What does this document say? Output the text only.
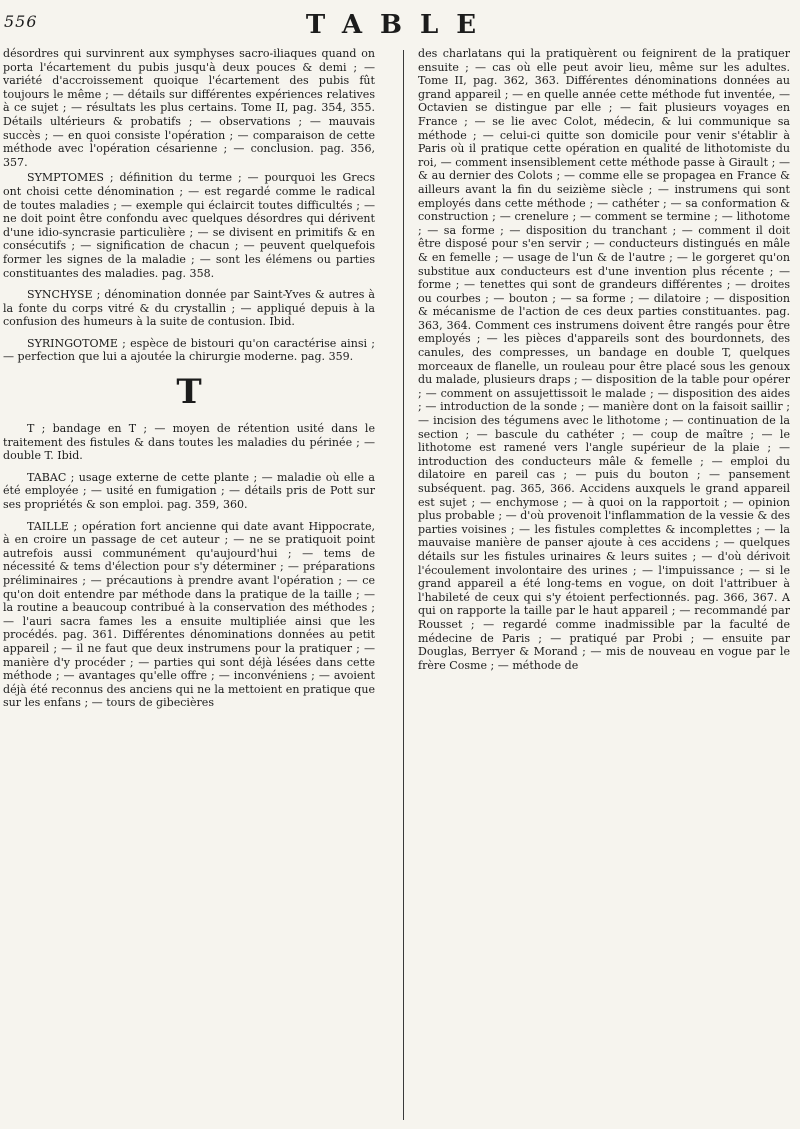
556	TABLE

désordres qui survinrent aux symphyses sacro-iliaques quand on porta l'écartement du pubis jusqu'à deux pouces & demi ; — variété d'accroissement quoique l'écartement des pubis fût toujours le même ; — détails sur différentes expériences relatives à ce sujet ; — résultats les plus certains. Tome II, pag. 354, 355. Détails ultérieurs & probatifs ; — observations ; — mauvais succès ; — en quoi consiste l'opération ; — comparaison de cette méthode avec l'opération césarienne ; — conclusion. pag. 356, 357.

SYMPTOMES ; définition du terme ; — pourquoi les Grecs ont choisi cette dénomination ; — est regardé comme le radical de toutes maladies ; — exemple qui éclaircit toutes difficultés ; — ne doit point être confondu avec quelques désordres qui dérivent d'une idio-syncrasie particulière ; — se divisent en primitifs & en consécutifs ; — signification de chacun ; — peuvent quelquefois former les signes de la maladie ; — sont les élémens ou parties constituantes des maladies. pag. 358.

SYNCHYSE ; dénomination donnée par Saint-Yves & autres à la fonte du corps vitré & du crystallin ; — appliqué depuis à la confusion des humeurs à la suite de contusion. Ibid.

SYRINGOTOME ; espèce de bistouri qu'on caractérise ainsi ; — perfection que lui a ajoutée la chirurgie moderne. pag. 359.

T

T ; bandage en T ; — moyen de rétention usité dans le traitement des fistules & dans toutes les maladies du périnée ; — double T. Ibid.

TABAC ; usage externe de cette plante ; — maladie où elle a été employée ; — usité en fumigation ; — détails pris de Pott sur ses propriétés & son emploi. pag. 359, 360.

TAILLE ; opération fort ancienne qui date avant Hippocrate, à en croire un passage de cet auteur ; — ne se pratiquoit point autrefois aussi communément qu'aujourd'hui ; — tems de nécessité & tems d'élection pour s'y déterminer ; — préparations préliminaires ; — précautions à prendre avant l'opération ; — ce qu'on doit entendre par méthode dans la pratique de la taille ; — la routine a beaucoup contribué à la conservation des méthodes ; — l'auri sacra fames les a ensuite multipliée ainsi que les procédés. pag. 361. Différentes dénominations données au petit appareil ; — il ne faut que deux instrumens pour la pratiquer ; — manière d'y procéder ; — parties qui sont déjà lésées dans cette méthode ; — avantages qu'elle offre ; — inconvéniens ; — avoient déjà été reconnus des anciens qui ne la mettoient en pratique que sur les enfans ; — tours de gibecières

des charlatans qui la pratiquèrent ou feignirent de la pratiquer ensuite ; — cas où elle peut avoir lieu, même sur les adultes. Tome II, pag. 362, 363. Différentes dénominations données au grand appareil ; — en quelle année cette méthode fut inventée, — Octavien se distingue par elle ; — fait plusieurs voyages en France ; — se lie avec Colot, médecin, & lui communique sa méthode ; — celui-ci quitte son domicile pour venir s'établir à Paris où il pratique cette opération en qualité de lithotomiste du roi, — comment insensiblement cette méthode passe à Girault ; — & au dernier des Colots ; — comme elle se propagea en France & ailleurs avant la fin du seizième siècle ; — instrumens qui sont employés dans cette méthode ; — cathéter ; — sa conformation & construction ; — crenelure ; — comment se termine ; — lithotome ; — sa forme ; — disposition du tranchant ; — comment il doit être disposé pour s'en servir ; — conducteurs distingués en mâle & en femelle ; — usage de l'un & de l'autre ; — le gorgeret qu'on substitue aux conducteurs est d'une invention plus récente ; — forme ; — tenettes qui sont de grandeurs différentes ; — droites ou courbes ; — bouton ; — sa forme ; — dilatoire ; — disposition & mécanisme de l'action de ces deux parties constituantes. pag. 363, 364. Comment ces instrumens doivent être rangés pour être employés ; — les pièces d'appareils sont des bourdonnets, des canules, des compresses, un bandage en double T, quelques morceaux de flanelle, un rouleau pour être placé sous les genoux du malade, plusieurs draps ; — disposition de la table pour opérer ; — comment on assujettissoit le malade ; — disposition des aides ; — introduction de la sonde ; — manière dont on la faisoit saillir ; — incision des tégumens avec le lithotome ; — continuation de la section ; — bascule du cathéter ; — coup de maître ; — le lithotome est ramené vers l'angle supérieur de la plaie ; — introduction des conducteurs mâle & femelle ; — emploi du dilatoire en pareil cas ; — puis du bouton ; — pansement subséquent. pag. 365, 366. Accidens auxquels le grand appareil est sujet ; — enchymose ; — à quoi on la rapportoit ; — opinion plus probable ; — d'où provenoit l'inflammation de la vessie & des parties voisines ; — les fistules complettes & incomplettes ; — la mauvaise manière de panser ajoute à ces accidens ; — quelques détails sur les fistules urinaires & leurs suites ; — d'où dérivoit l'écoulement involontaire des urines ; — l'impuissance ; — si le grand appareil a été long-tems en vogue, on doit l'attribuer à l'habileté de ceux qui s'y étoient perfectionnés. pag. 366, 367. A qui on rapporte la taille par le haut appareil ; — recommandé par Rousset ; — regardé comme inadmissible par la faculté de médecine de Paris ; — pratiqué par Probi ; — ensuite par Douglas, Berryer & Morand ; — mis de nouveau en vogue par le frère Cosme ; — méthode de
